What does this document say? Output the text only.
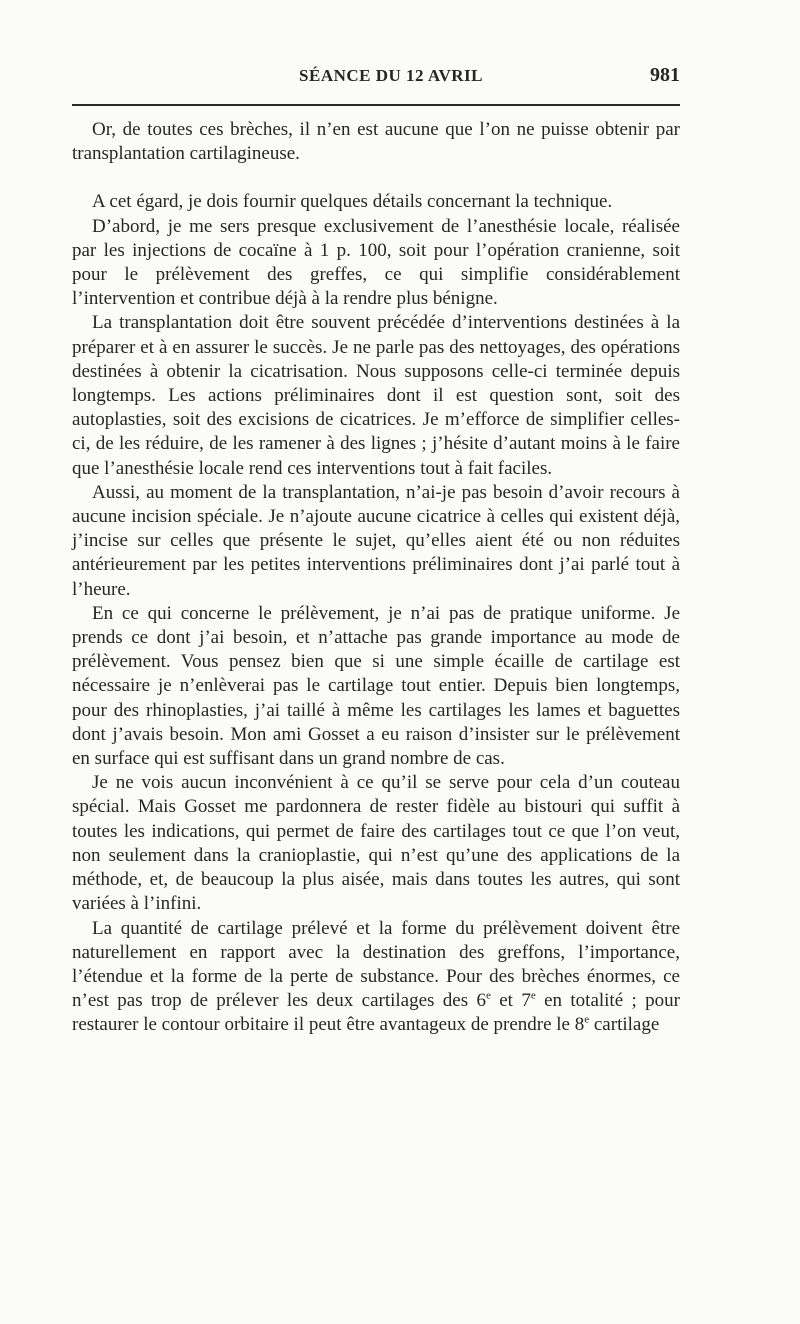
SÉANCE DU 12 AVRIL	981

Or, de toutes ces brèches, il n’en est aucune que l’on ne puisse obtenir par transplantation cartilagineuse.

A cet égard, je dois fournir quelques détails concernant la technique.

D’abord, je me sers presque exclusivement de l’anesthésie locale, réalisée par les injections de cocaïne à 1 p. 100, soit pour l’opération cranienne, soit pour le prélèvement des greffes, ce qui simplifie considérablement l’intervention et contribue déjà à la rendre plus bénigne.

La transplantation doit être souvent précédée d’interventions destinées à la préparer et à en assurer le succès. Je ne parle pas des nettoyages, des opérations destinées à obtenir la cicatrisation. Nous supposons celle-ci terminée depuis longtemps. Les actions préliminaires dont il est question sont, soit des autoplasties, soit des excisions de cicatrices. Je m’efforce de simplifier celles-ci, de les réduire, de les ramener à des lignes ; j’hésite d’autant moins à le faire que l’anesthésie locale rend ces interventions tout à fait faciles.

Aussi, au moment de la transplantation, n’ai-je pas besoin d’avoir recours à aucune incision spéciale. Je n’ajoute aucune cicatrice à celles qui existent déjà, j’incise sur celles que présente le sujet, qu’elles aient été ou non réduites antérieurement par les petites interventions préliminaires dont j’ai parlé tout à l’heure.

En ce qui concerne le prélèvement, je n’ai pas de pratique uniforme. Je prends ce dont j’ai besoin, et n’attache pas grande importance au mode de prélèvement. Vous pensez bien que si une simple écaille de cartilage est nécessaire je n’enlèverai pas le cartilage tout entier. Depuis bien longtemps, pour des rhinoplasties, j’ai taillé à même les cartilages les lames et baguettes dont j’avais besoin. Mon ami Gosset a eu raison d’insister sur le prélèvement en surface qui est suffisant dans un grand nombre de cas.

Je ne vois aucun inconvénient à ce qu’il se serve pour cela d’un couteau spécial. Mais Gosset me pardonnera de rester fidèle au bistouri qui suffit à toutes les indications, qui permet de faire des cartilages tout ce que l’on veut, non seulement dans la cranioplastie, qui n’est qu’une des applications de la méthode, et, de beaucoup la plus aisée, mais dans toutes les autres, qui sont variées à l’infini.

La quantité de cartilage prélevé et la forme du prélèvement doivent être naturellement en rapport avec la destination des greffons, l’importance, l’étendue et la forme de la perte de substance. Pour des brèches énormes, ce n’est pas trop de prélever les deux cartilages des 6e et 7e en totalité ; pour restaurer le contour orbitaire il peut être avantageux de prendre le 8e cartilage
